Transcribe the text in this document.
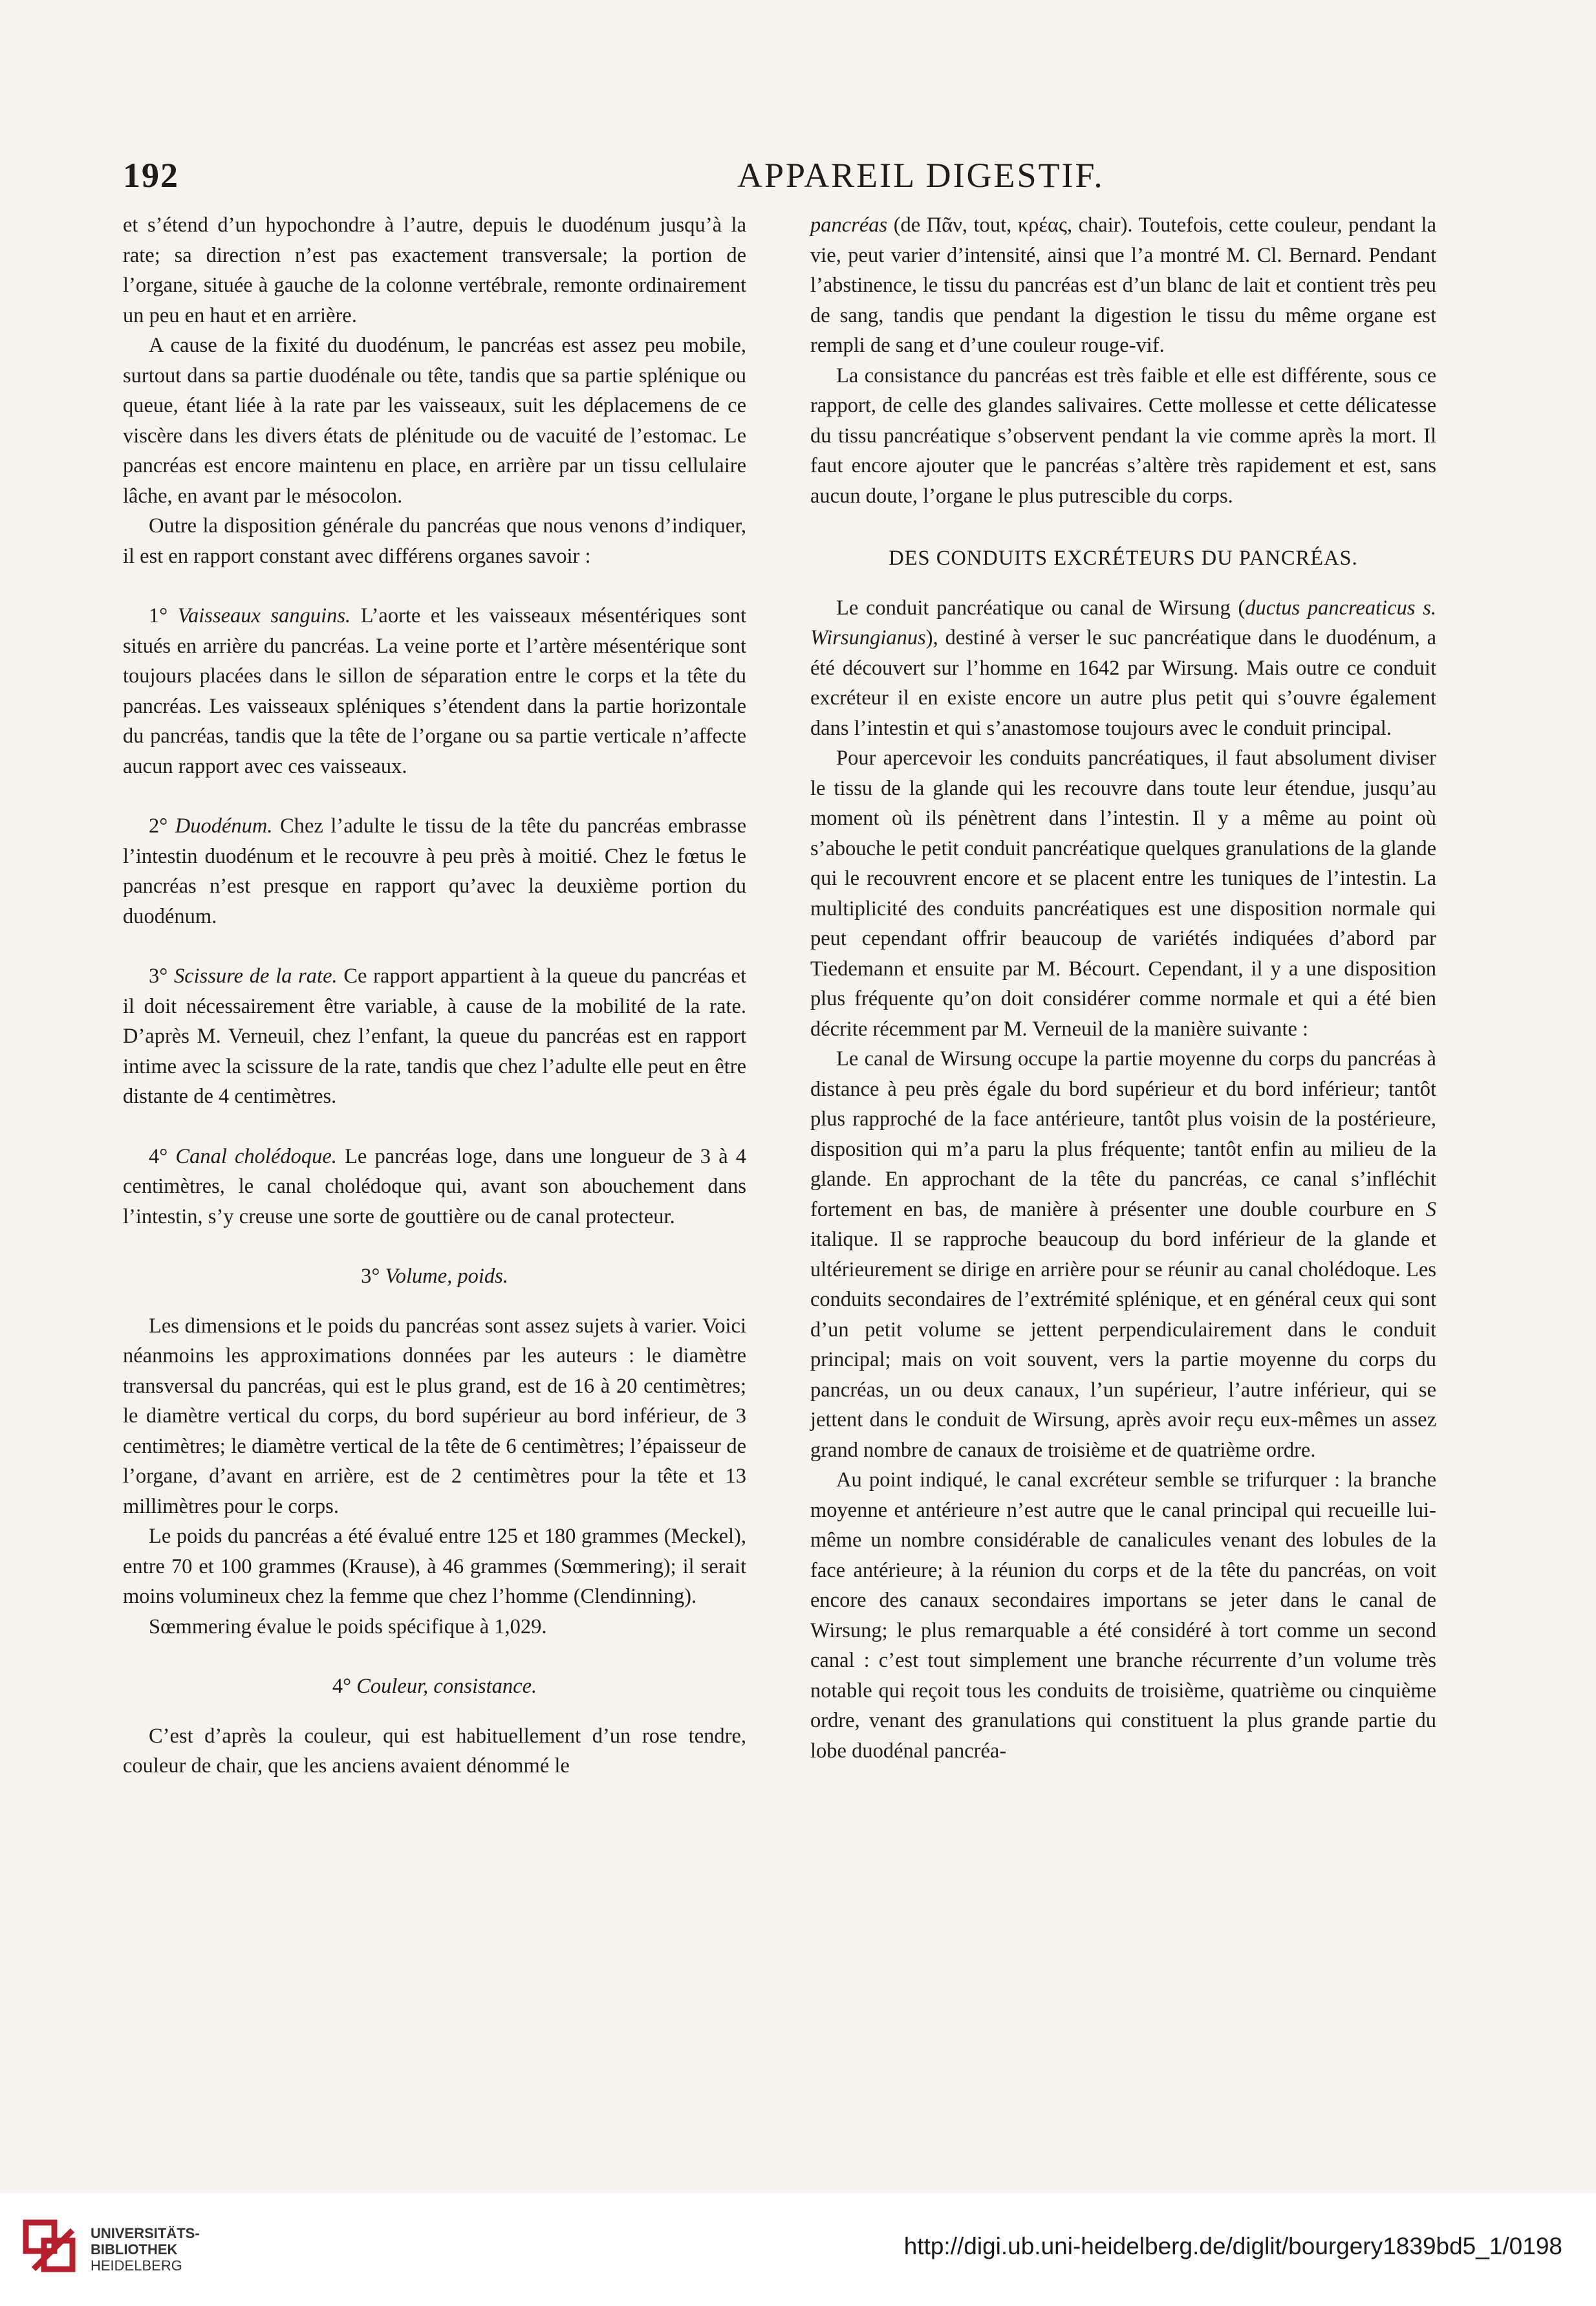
192	APPAREIL DIGESTIF.

et s’étend d’un hypochondre à l’autre, depuis le duodénum jusqu’à la rate; sa direction n’est pas exactement transversale; la portion de l’organe, située à gauche de la colonne vertébrale, remonte ordinairement un peu en haut et en arrière.

A cause de la fixité du duodénum, le pancréas est assez peu mobile, surtout dans sa partie duodénale ou tête, tandis que sa partie splénique ou queue, étant liée à la rate par les vaisseaux, suit les déplacemens de ce viscère dans les divers états de plénitude ou de vacuité de l’estomac. Le pancréas est encore maintenu en place, en arrière par un tissu cellulaire lâche, en avant par le mésocolon.

Outre la disposition générale du pancréas que nous venons d’indiquer, il est en rapport constant avec différens organes savoir :

1° Vaisseaux sanguins. L’aorte et les vaisseaux mésentériques sont situés en arrière du pancréas. La veine porte et l’artère mésentérique sont toujours placées dans le sillon de séparation entre le corps et la tête du pancréas. Les vaisseaux spléniques s’étendent dans la partie horizontale du pancréas, tandis que la tête de l’organe ou sa partie verticale n’affecte aucun rapport avec ces vaisseaux.

2° Duodénum. Chez l’adulte le tissu de la tête du pancréas embrasse l’intestin duodénum et le recouvre à peu près à moitié. Chez le fœtus le pancréas n’est presque en rapport qu’avec la deuxième portion du duodénum.

3° Scissure de la rate. Ce rapport appartient à la queue du pancréas et il doit nécessairement être variable, à cause de la mobilité de la rate. D’après M. Verneuil, chez l’enfant, la queue du pancréas est en rapport intime avec la scissure de la rate, tandis que chez l’adulte elle peut en être distante de 4 centimètres.

4° Canal cholédoque. Le pancréas loge, dans une longueur de 3 à 4 centimètres, le canal cholédoque qui, avant son abouchement dans l’intestin, s’y creuse une sorte de gouttière ou de canal protecteur.

3° Volume, poids.

Les dimensions et le poids du pancréas sont assez sujets à varier. Voici néanmoins les approximations données par les auteurs : le diamètre transversal du pancréas, qui est le plus grand, est de 16 à 20 centimètres; le diamètre vertical du corps, du bord supérieur au bord inférieur, de 3 centimètres; le diamètre vertical de la tête de 6 centimètres; l’épaisseur de l’organe, d’avant en arrière, est de 2 centimètres pour la tête et 13 millimètres pour le corps.

Le poids du pancréas a été évalué entre 125 et 180 grammes (Meckel), entre 70 et 100 grammes (Krause), à 46 grammes (Sœmmering); il serait moins volumineux chez la femme que chez l’homme (Clendinning).

Sœmmering évalue le poids spécifique à 1,029.

4° Couleur, consistance.

C’est d’après la couleur, qui est habituellement d’un rose tendre, couleur de chair, que les anciens avaient dénommé le

pancréas (de Πᾶν, tout, κρέας, chair). Toutefois, cette couleur, pendant la vie, peut varier d’intensité, ainsi que l’a montré M. Cl. Bernard. Pendant l’abstinence, le tissu du pancréas est d’un blanc de lait et contient très peu de sang, tandis que pendant la digestion le tissu du même organe est rempli de sang et d’une couleur rouge-vif.

La consistance du pancréas est très faible et elle est différente, sous ce rapport, de celle des glandes salivaires. Cette mollesse et cette délicatesse du tissu pancréatique s’observent pendant la vie comme après la mort. Il faut encore ajouter que le pancréas s’altère très rapidement et est, sans aucun doute, l’organe le plus putrescible du corps.

DES CONDUITS EXCRÉTEURS DU PANCRÉAS.

Le conduit pancréatique ou canal de Wirsung (ductus pancreaticus s. Wirsungianus), destiné à verser le suc pancréatique dans le duodénum, a été découvert sur l’homme en 1642 par Wirsung. Mais outre ce conduit excréteur il en existe encore un autre plus petit qui s’ouvre également dans l’intestin et qui s’anastomose toujours avec le conduit principal.

Pour apercevoir les conduits pancréatiques, il faut absolument diviser le tissu de la glande qui les recouvre dans toute leur étendue, jusqu’au moment où ils pénètrent dans l’intestin. Il y a même au point où s’abouche le petit conduit pancréatique quelques granulations de la glande qui le recouvrent encore et se placent entre les tuniques de l’intestin. La multiplicité des conduits pancréatiques est une disposition normale qui peut cependant offrir beaucoup de variétés indiquées d’abord par Tiedemann et ensuite par M. Bécourt. Cependant, il y a une disposition plus fréquente qu’on doit considérer comme normale et qui a été bien décrite récemment par M. Verneuil de la manière suivante :

Le canal de Wirsung occupe la partie moyenne du corps du pancréas à distance à peu près égale du bord supérieur et du bord inférieur; tantôt plus rapproché de la face antérieure, tantôt plus voisin de la postérieure, disposition qui m’a paru la plus fréquente; tantôt enfin au milieu de la glande. En approchant de la tête du pancréas, ce canal s’infléchit fortement en bas, de manière à présenter une double courbure en S italique. Il se rapproche beaucoup du bord inférieur de la glande et ultérieurement se dirige en arrière pour se réunir au canal cholédoque. Les conduits secondaires de l’extrémité splénique, et en général ceux qui sont d’un petit volume se jettent perpendiculairement dans le conduit principal; mais on voit souvent, vers la partie moyenne du corps du pancréas, un ou deux canaux, l’un supérieur, l’autre inférieur, qui se jettent dans le conduit de Wirsung, après avoir reçu eux-mêmes un assez grand nombre de canaux de troisième et de quatrième ordre.

Au point indiqué, le canal excréteur semble se trifurquer : la branche moyenne et antérieure n’est autre que le canal principal qui recueille lui-même un nombre considérable de canalicules venant des lobules de la face antérieure; à la réunion du corps et de la tête du pancréas, on voit encore des canaux secondaires importans se jeter dans le canal de Wirsung; le plus remarquable a été considéré à tort comme un second canal : c’est tout simplement une branche récurrente d’un volume très notable qui reçoit tous les conduits de troisième, quatrième ou cinquième ordre, venant des granulations qui constituent la plus grande partie du lobe duodénal pancréa-

UNIVERSITÄTS-
BIBLIOTHEK
HEIDELBERG
http://digi.ub.uni-heidelberg.de/diglit/bourgery1839bd5_1/0198
